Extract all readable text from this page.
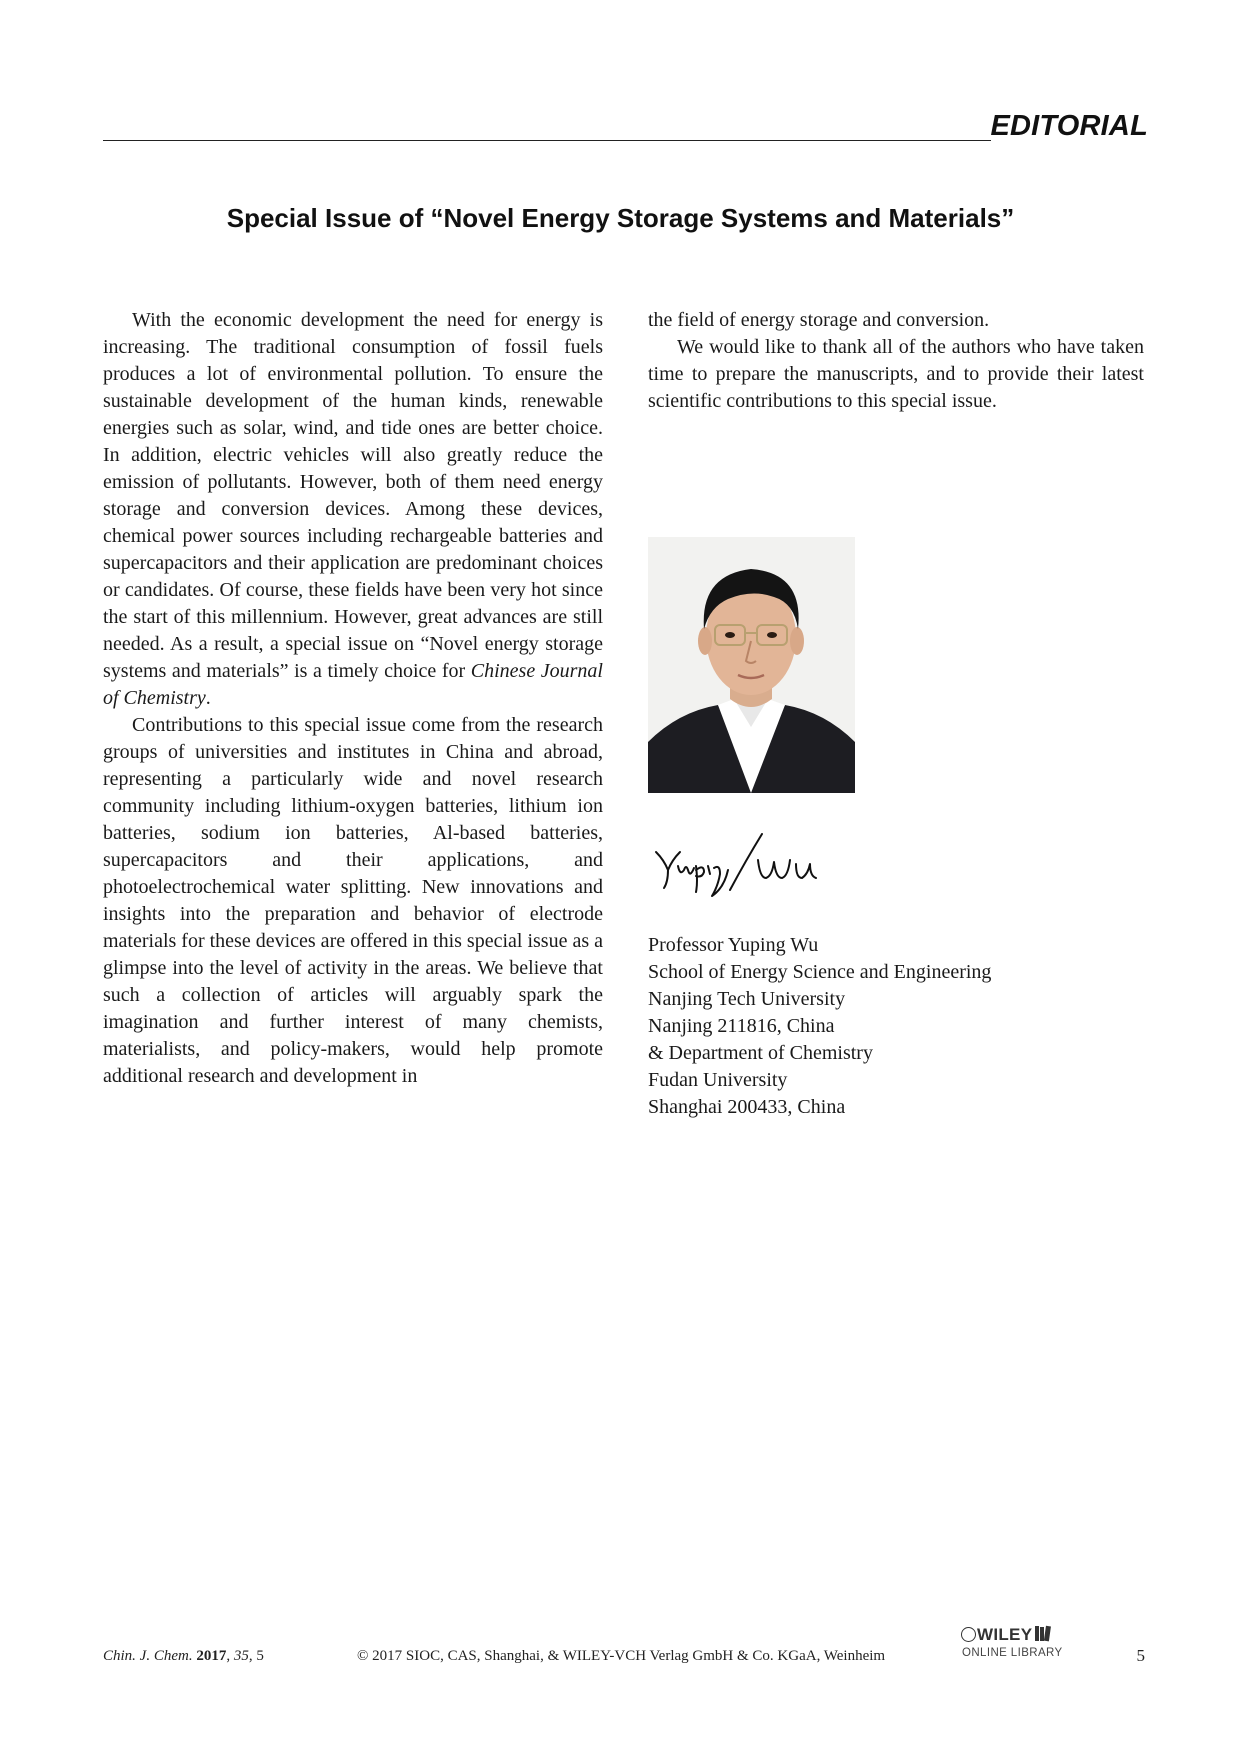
EDITORIAL
Special Issue of “Novel Energy Storage Systems and Materials”

With the economic development the need for energy is increasing. The traditional consumption of fossil fuels produces a lot of environmental pollution. To ensure the sustainable development of the human kinds, renewable energies such as solar, wind, and tide ones are better choice. In addition, electric vehicles will also greatly reduce the emission of pollutants. However, both of them need energy storage and conversion devices. Among these devices, chemical power sources including rechargeable batteries and supercapacitors and their application are predominant choices or candidates. Of course, these fields have been very hot since the start of this millennium. However, great advances are still needed. As a result, a special issue on “Novel energy storage systems and materials” is a timely choice for Chinese Journal of Chemistry.

Contributions to this special issue come from the research groups of universities and institutes in China and abroad, representing a particularly wide and novel research community including lithium-oxygen batteries, lithium ion batteries, sodium ion batteries, Al-based batteries, supercapacitors and their applications, and photoelectrochemical water splitting. New innovations and insights into the preparation and behavior of electrode materials for these devices are offered in this special issue as a glimpse into the level of activity in the areas. We believe that such a collection of articles will arguably spark the imagination and further interest of many chemists, materialists, and policy-makers, would help promote additional research and development in

the field of energy storage and conversion.

We would like to thank all of the authors who have taken time to prepare the manuscripts, and to provide their latest scientific contributions to this special issue.

Professor Yuping Wu
School of Energy Science and Engineering
Nanjing Tech University
Nanjing 211816, China
& Department of Chemistry
Fudan University
Shanghai 200433, China
Chin. J. Chem. 2017, 35, 5	© 2017 SIOC, CAS, Shanghai, & WILEY-VCH Verlag GmbH & Co. KGaA, Weinheim
WILEY
ONLINE LIBRARY	5
